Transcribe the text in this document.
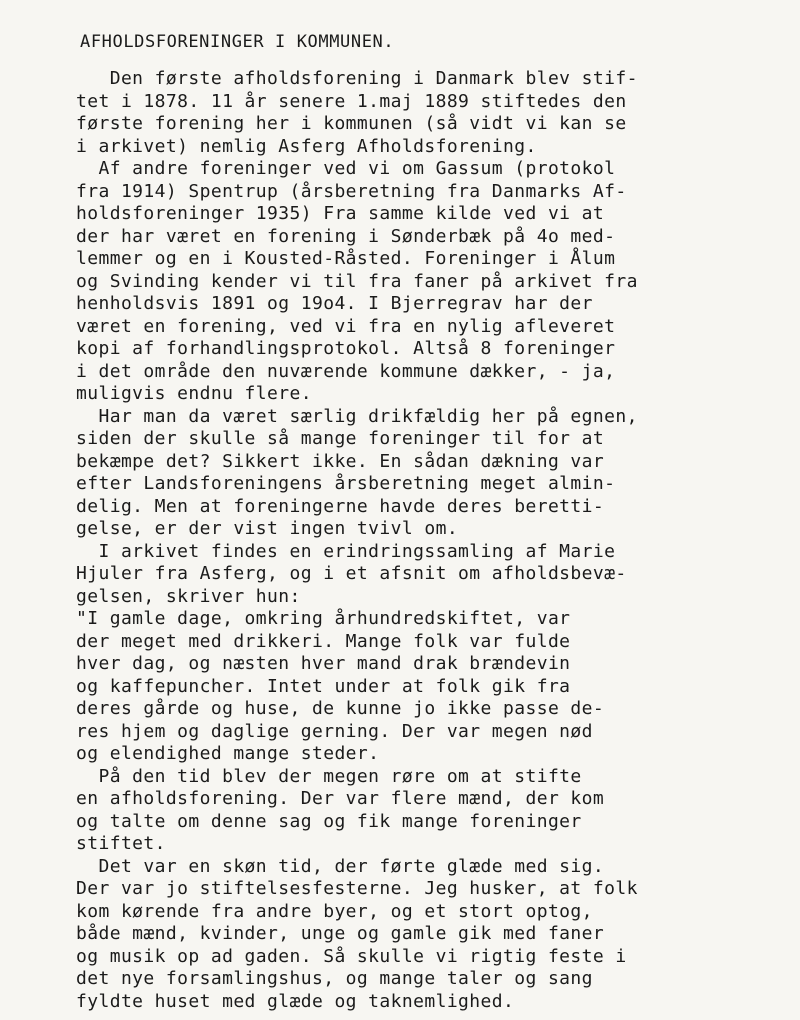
AFHOLDSFORENINGER I KOMMUNEN.
Den første afholdsforening i Danmark blev stif-
tet i 1878. 11 år senere 1.maj 1889 stiftedes den
første forening her i kommunen (så vidt vi kan se
i arkivet) nemlig Asferg Afholdsforening.
Af andre foreninger ved vi om Gassum (protokol
fra 1914) Spentrup (årsberetning fra Danmarks Af-
holdsforeninger 1935) Fra samme kilde ved vi at
der har været en forening i Sønderbæk på 4o med-
lemmer og en i Kousted-Råsted. Foreninger i Ålum
og Svinding kender vi til fra faner på arkivet fra
henholdsvis 1891 og 19o4. I Bjerregrav har der
været en forening, ved vi fra en nylig afleveret
kopi af forhandlingsprotokol. Altså 8 foreninger
i det område den nuværende kommune dækker, - ja,
muligvis endnu flere.
Har man da været særlig drikfældig her på egnen,
siden der skulle så mange foreninger til for at
bekæmpe det? Sikkert ikke. En sådan dækning var
efter Landsforeningens årsberetning meget almin-
delig. Men at foreningerne havde deres beretti-
gelse, er der vist ingen tvivl om.
I arkivet findes en erindringssamling af Marie
Hjuler fra Asferg, og i et afsnit om afholdsbevæ-
gelsen, skriver hun:
"I gamle dage, omkring århundredskiftet, var
der meget med drikkeri. Mange folk var fulde
hver dag, og næsten hver mand drak brændevin
og kaffepuncher. Intet under at folk gik fra
deres gårde og huse, de kunne jo ikke passe de-
res hjem og daglige gerning. Der var megen nød
og elendighed mange steder.
På den tid blev der megen røre om at stifte
en afholdsforening. Der var flere mænd, der kom
og talte om denne sag og fik mange foreninger
stiftet.
Det var en skøn tid, der førte glæde med sig.
Der var jo stiftelsesfesterne. Jeg husker, at folk
kom kørende fra andre byer, og et stort optog,
både mænd, kvinder, unge og gamle gik med faner
og musik op ad gaden. Så skulle vi rigtig feste i
det nye forsamlingshus, og mange taler og sang
fyldte huset med glæde og taknemlighed.
